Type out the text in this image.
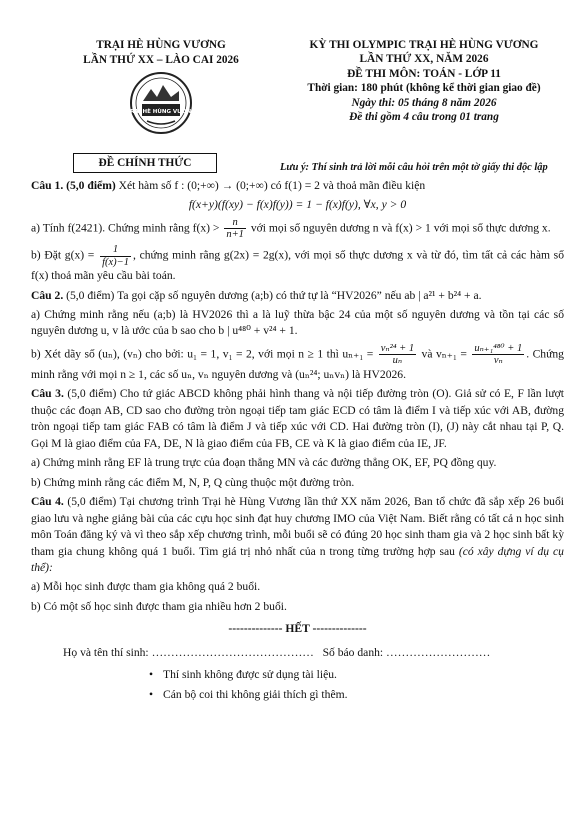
TRẠI HÈ HÙNG VƯƠNG
LẦN THỨ XX – LÀO CAI 2026
TRẠI HÈ HÙNG VƯƠNG
ĐỀ CHÍNH THỨC
KỲ THI OLYMPIC TRẠI HÈ HÙNG VƯƠNG
LẦN THỨ XX, NĂM 2026
ĐỀ THI MÔN: TOÁN - LỚP 11
Thời gian: 180 phút (không kể thời gian giao đề)
Ngày thi: 05 tháng 8 năm 2026
Đề thi gồm 4 câu trong 01 trang
Lưu ý: Thí sinh trả lời mỗi câu hỏi trên một tờ giấy thi độc lập

Câu 1. (5,0 điểm) Xét hàm số f : (0;+∞) → (0;+∞) có f(1) = 2 và thoả mãn điều kiện

f(x+y)(f(xy) − f(x)f(y)) = 1 − f(x)f(y), ∀x, y > 0

a) Tính f(2421). Chứng minh rằng $f(x) > \frac{n}{n+1}$ với mọi số nguyên dương n và f(x) > 1 với mọi số thực dương x.

b) Đặt $g(x) = \frac{1}{f(x)-1}$ , chứng minh rằng g(2x) = 2g(x), với mọi số thực dương x và từ đó, tìm tất cả các hàm số f(x) thoả mãn yêu cầu bài toán.

Câu 2. (5,0 điểm) Ta gọi cặp số nguyên dương (a;b) có thứ tự là “HV2026” nếu ab | a²¹ + b²⁴ + a.

a) Chứng minh rằng nếu (a;b) là HV2026 thì a là luỹ thừa bậc 24 của một số nguyên dương và tồn tại các số nguyên dương u, v là ước của b sao cho b | u⁴⁸⁰ + v²⁴ + 1.

b) Xét dãy số (uₙ), (vₙ) cho bởi: u₁ = 1, v₁ = 2, với mọi n ≥ 1 thì $u_{n+1} = \frac{\text{vₙ²⁴ + 1}}{\text{uₙ}}$ và $v_{n+1} = \frac{\text{uₙ₊₁⁴⁸⁰ + 1}}{\text{vₙ}}$ . Chứng minh rằng với mọi n ≥ 1, các số uₙ, vₙ nguyên dương và (uₙ²⁴; uₙvₙ) là HV2026.

Câu 3. (5,0 điểm) Cho tứ giác ABCD không phải hình thang và nội tiếp đường tròn (O). Giả sử có E, F lần lượt thuộc các đoạn AB, CD sao cho đường tròn ngoại tiếp tam giác ECD có tâm là điểm I và tiếp xúc với AB, đường tròn ngoại tiếp tam giác FAB có tâm là điểm J và tiếp xúc với CD. Hai đường tròn (I), (J) này cắt nhau tại P, Q. Gọi M là giao điểm của FA, DE, N là giao điểm của FB, CE và K là giao điểm của IE, JF.

a) Chứng minh rằng EF là trung trực của đoạn thẳng MN và các đường thẳng OK, EF, PQ đồng quy.

b) Chứng minh rằng các điểm M, N, P, Q cùng thuộc một đường tròn.

Câu 4. (5,0 điểm) Tại chương trình Trại hè Hùng Vương lần thứ XX năm 2026, Ban tổ chức đã sắp xếp 26 buổi giao lưu và nghe giảng bài của các cựu học sinh đạt huy chương IMO của Việt Nam. Biết rằng có tất cả n học sinh môn Toán đăng ký và vì theo sắp xếp chương trình, mỗi buổi sẽ có đúng 20 học sinh tham gia và 2 học sinh bất kỳ tham gia chung không quá 1 buổi. Tìm giá trị nhỏ nhất của n trong từng trường hợp sau (có xây dựng ví dụ cụ thể):

a) Mỗi học sinh được tham gia không quá 2 buổi.

b) Có một số học sinh được tham gia nhiều hơn 2 buổi.

-------------- HẾT --------------
Họ và tên thí sinh: …………………………………… Số báo danh: ………………………
• Thí sinh không được sử dụng tài liệu.
• Cán bộ coi thi không giải thích gì thêm.
